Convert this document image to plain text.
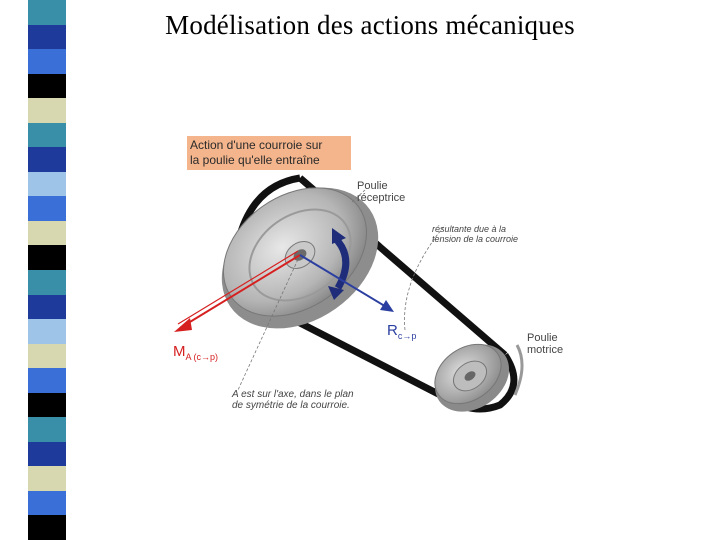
Modélisation des actions mécaniques
Action d'une courroie sur
la poulie qu'elle entraîne
Poulie
réceptrice
résultante due à la
tension de la courroie
Poulie
motrice
A est sur l'axe, dans le plan
de symétrie de la courroie.
$R_{c\to p}$
$M_{A (c\to p)}$
